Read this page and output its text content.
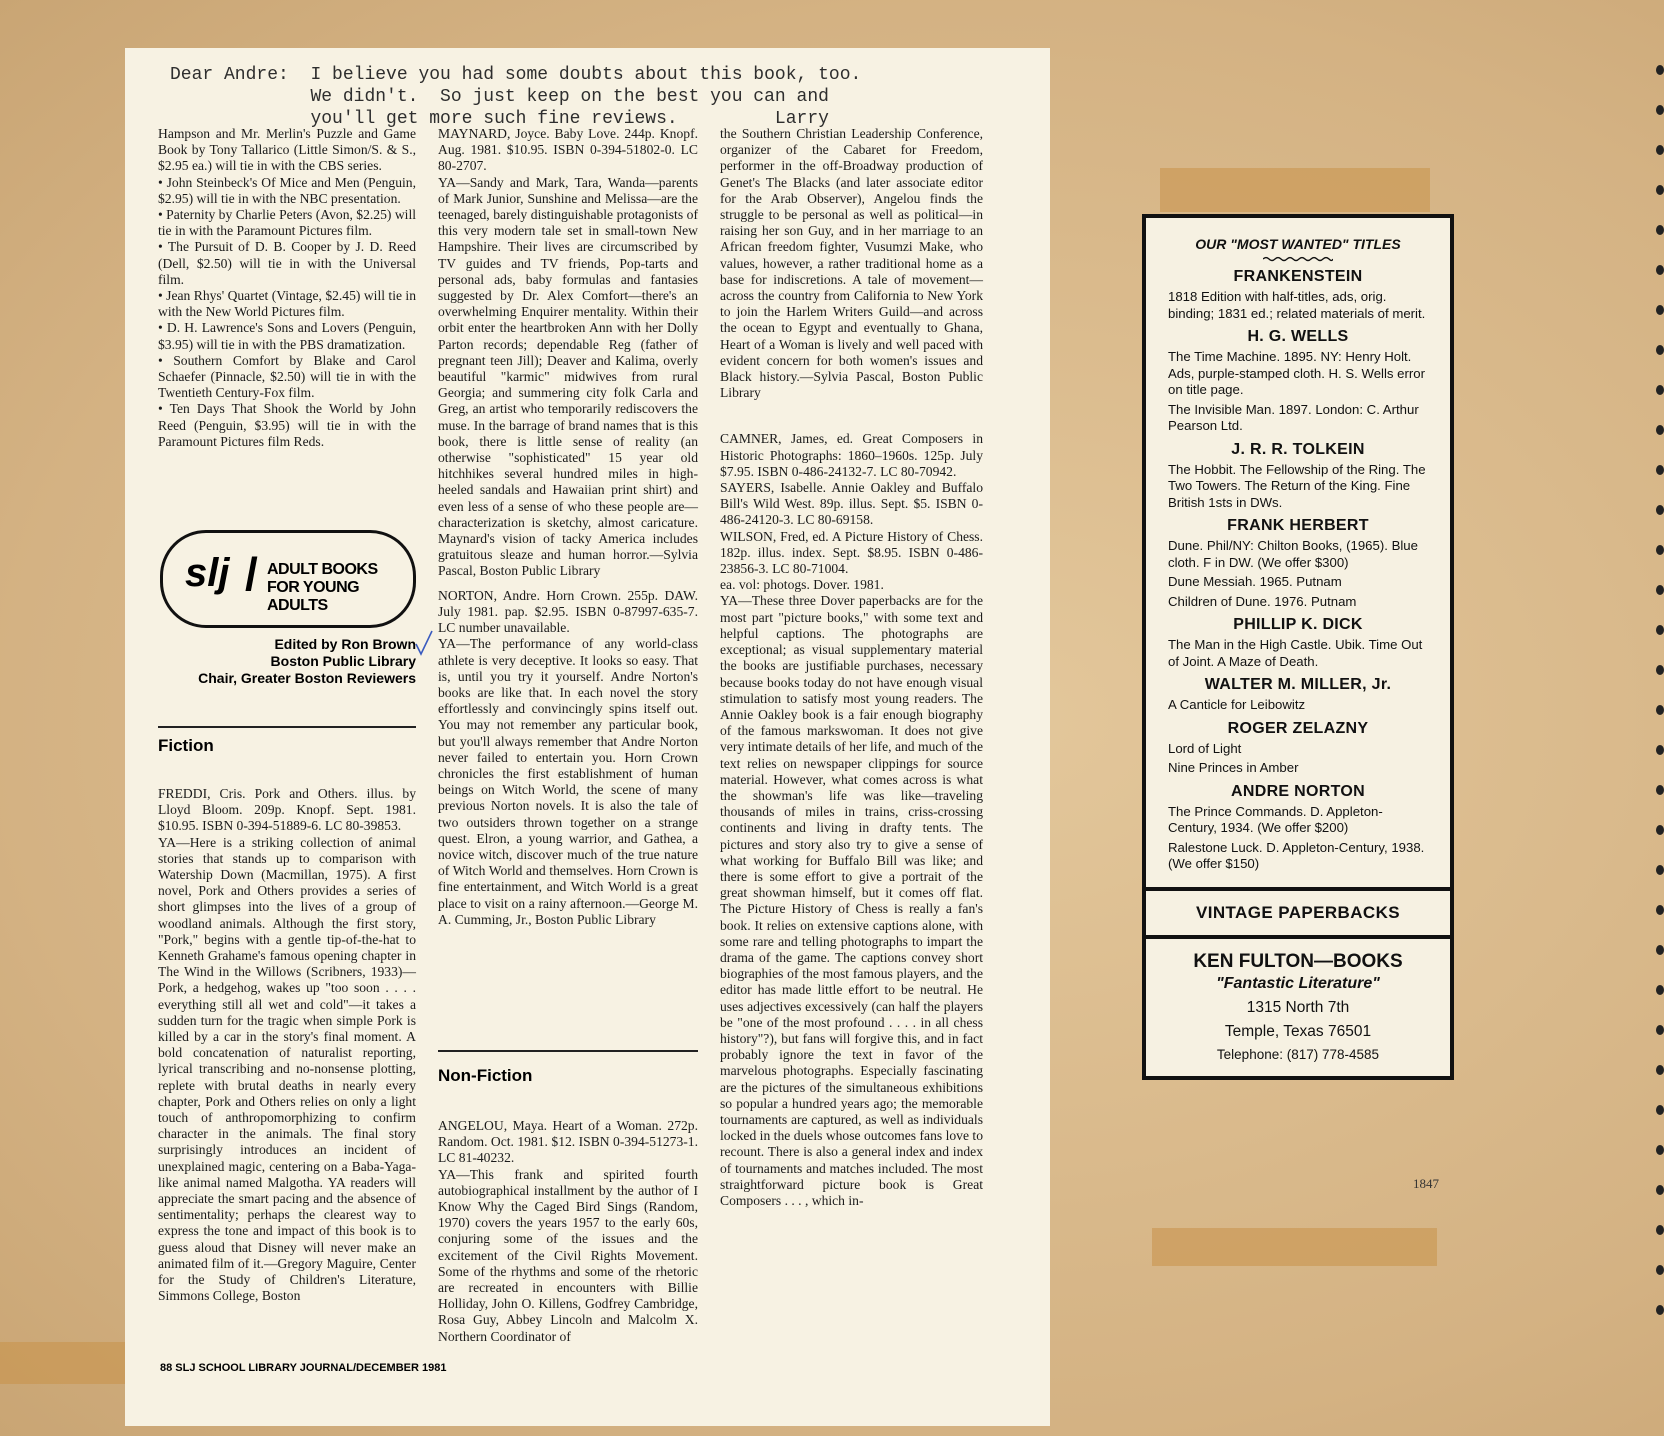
Dear Andre: I believe you had some doubts about this book, too.
We didn't.  So just keep on the best you can and
you'll get more such fine reviews.	Larry

Hampson and Mr. Merlin's Puzzle and Game Book by Tony Tallarico (Little Simon/S. & S., $2.95 ea.) will tie in with the CBS series.

• John Steinbeck's Of Mice and Men (Penguin, $2.95) will tie in with the NBC presentation.

• Paternity by Charlie Peters (Avon, $2.25) will tie in with the Paramount Pictures film.

• The Pursuit of D. B. Cooper by J. D. Reed (Dell, $2.50) will tie in with the Universal film.

• Jean Rhys' Quartet (Vintage, $2.45) will tie in with the New World Pictures film.

• D. H. Lawrence's Sons and Lovers (Penguin, $3.95) will tie in with the PBS dramatization.

• Southern Comfort by Blake and Carol Schaefer (Pinnacle, $2.50) will tie in with the Twentieth Century-Fox film.

• Ten Days That Shook the World by John Reed (Penguin, $3.95) will tie in with the Paramount Pictures film Reds.

slj / ADULT BOOKS
FOR YOUNG ADULTS
Edited by Ron Brown
Boston Public Library
Chair, Greater Boston Reviewers
Fiction

FREDDI, Cris. Pork and Others. illus. by Lloyd Bloom. 209p. Knopf. Sept. 1981. $10.95. ISBN 0-394-51889-6. LC 80-39853.

YA—Here is a striking collection of animal stories that stands up to comparison with Watership Down (Macmillan, 1975). A first novel, Pork and Others provides a series of short glimpses into the lives of a group of woodland animals. Although the first story, "Pork," begins with a gentle tip-of-the-hat to Kenneth Grahame's famous opening chapter in The Wind in the Willows (Scribners, 1933)—Pork, a hedgehog, wakes up "too soon . . . . everything still all wet and cold"—it takes a sudden turn for the tragic when simple Pork is killed by a car in the story's final moment. A bold concatenation of naturalist reporting, lyrical transcribing and no-nonsense plotting, replete with brutal deaths in nearly every chapter, Pork and Others relies on only a light touch of anthropomorphizing to confirm character in the animals. The final story surprisingly introduces an incident of unexplained magic, centering on a Baba-Yaga-like animal named Malgotha. YA readers will appreciate the smart pacing and the absence of sentimentality; perhaps the clearest way to express the tone and impact of this book is to guess aloud that Disney will never make an animated film of it.—Gregory Maguire, Center for the Study of Children's Literature, Simmons College, Boston

MAYNARD, Joyce. Baby Love. 244p. Knopf. Aug. 1981. $10.95. ISBN 0-394-51802-0. LC 80-2707.

YA—Sandy and Mark, Tara, Wanda—parents of Mark Junior, Sunshine and Melissa—are the teenaged, barely distinguishable protagonists of this very modern tale set in small-town New Hampshire. Their lives are circumscribed by TV guides and TV friends, Pop-tarts and personal ads, baby formulas and fantasies suggested by Dr. Alex Comfort—there's an overwhelming Enquirer mentality. Within their orbit enter the heartbroken Ann with her Dolly Parton records; dependable Reg (father of pregnant teen Jill); Deaver and Kalima, overly beautiful "karmic" midwives from rural Georgia; and summering city folk Carla and Greg, an artist who temporarily rediscovers the muse. In the barrage of brand names that is this book, there is little sense of reality (an otherwise "sophisticated" 15 year old hitchhikes several hundred miles in high-heeled sandals and Hawaiian print shirt) and even less of a sense of who these people are—characterization is sketchy, almost caricature. Maynard's vision of tacky America includes gratuitous sleaze and human horror.—Sylvia Pascal, Boston Public Library

NORTON, Andre. Horn Crown. 255p. DAW. July 1981. pap. $2.95. ISBN 0-87997-635-7. LC number unavailable.

YA—The performance of any world-class athlete is very deceptive. It looks so easy. That is, until you try it yourself. Andre Norton's books are like that. In each novel the story effortlessly and convincingly spins itself out. You may not remember any particular book, but you'll always remember that Andre Norton never failed to entertain you. Horn Crown chronicles the first establishment of human beings on Witch World, the scene of many previous Norton novels. It is also the tale of two outsiders thrown together on a strange quest. Elron, a young warrior, and Gathea, a novice witch, discover much of the true nature of Witch World and themselves. Horn Crown is fine entertainment, and Witch World is a great place to visit on a rainy afternoon.—George M. A. Cumming, Jr., Boston Public Library

Non-Fiction

ANGELOU, Maya. Heart of a Woman. 272p. Random. Oct. 1981. $12. ISBN 0-394-51273-1. LC 81-40232.

YA—This frank and spirited fourth autobiographical installment by the author of I Know Why the Caged Bird Sings (Random, 1970) covers the years 1957 to the early 60s, conjuring some of the issues and the excitement of the Civil Rights Movement. Some of the rhythms and some of the rhetoric are recreated in encounters with Billie Holliday, John O. Killens, Godfrey Cambridge, Rosa Guy, Abbey Lincoln and Malcolm X. Northern Coordinator of

the Southern Christian Leadership Conference, organizer of the Cabaret for Freedom, performer in the off-Broadway production of Genet's The Blacks (and later associate editor for the Arab Observer), Angelou finds the struggle to be personal as well as political—in raising her son Guy, and in her marriage to an African freedom fighter, Vusumzi Make, who values, however, a rather traditional home as a base for indiscretions. A tale of movement—across the country from California to New York to join the Harlem Writers Guild—and across the ocean to Egypt and eventually to Ghana, Heart of a Woman is lively and well paced with evident concern for both women's issues and Black history.—Sylvia Pascal, Boston Public Library

CAMNER, James, ed. Great Composers in Historic Photographs: 1860–1960s. 125p. July $7.95. ISBN 0-486-24132-7. LC 80-70942.

SAYERS, Isabelle. Annie Oakley and Buffalo Bill's Wild West. 89p. illus. Sept. $5. ISBN 0-486-24120-3. LC 80-69158.

WILSON, Fred, ed. A Picture History of Chess. 182p. illus. index. Sept. $8.95. ISBN 0-486-23856-3. LC 80-71004.

ea. vol: photogs. Dover. 1981.

YA—These three Dover paperbacks are for the most part "picture books," with some text and helpful captions. The photographs are exceptional; as visual supplementary material the books are justifiable purchases, necessary because books today do not have enough visual stimulation to satisfy most young readers. The Annie Oakley book is a fair enough biography of the famous markswoman. It does not give very intimate details of her life, and much of the text relies on newspaper clippings for source material. However, what comes across is what the showman's life was like—traveling thousands of miles in trains, criss-crossing continents and living in drafty tents. The pictures and story also try to give a sense of what working for Buffalo Bill was like; and there is some effort to give a portrait of the great showman himself, but it comes off flat. The Picture History of Chess is really a fan's book. It relies on extensive captions alone, with some rare and telling photographs to impart the drama of the game. The captions convey short biographies of the most famous players, and the editor has made little effort to be neutral. He uses adjectives excessively (can half the players be "one of the most profound . . . . in all chess history"?), but fans will forgive this, and in fact probably ignore the text in favor of the marvelous photographs. Especially fascinating are the pictures of the simultaneous exhibitions so popular a hundred years ago; the memorable tournaments are captured, as well as individuals locked in the duels whose outcomes fans love to recount. There is also a general index and index of tournaments and matches included. The most straightforward picture book is Great Composers . . . , which in-

88 SLJ SCHOOL LIBRARY JOURNAL/DECEMBER 1981
OUR "MOST WANTED" TITLES
FRANKENSTEIN
1818 Edition with half-titles, ads, orig. binding; 1831 ed.; related materials of merit.
H. G. WELLS
The Time Machine. 1895. NY: Henry Holt. Ads, purple-stamped cloth. H. S. Wells error on title page.
The Invisible Man. 1897. London: C. Arthur Pearson Ltd.
J. R. R. TOLKEIN
The Hobbit. The Fellowship of the Ring. The Two Towers. The Return of the King. Fine British 1sts in DWs.
FRANK HERBERT
Dune. Phil/NY: Chilton Books, (1965). Blue cloth. F in DW. (We offer $300)
Dune Messiah. 1965. Putnam
Children of Dune. 1976. Putnam
PHILLIP K. DICK
The Man in the High Castle. Ubik. Time Out of Joint. A Maze of Death.
WALTER M. MILLER, Jr.
A Canticle for Leibowitz
ROGER ZELAZNY
Lord of Light
Nine Princes in Amber
ANDRE NORTON
The Prince Commands. D. Appleton-Century, 1934. (We offer $200)
Ralestone Luck. D. Appleton-Century, 1938. (We offer $150)
VINTAGE PAPERBACKS
KEN FULTON—BOOKS
"Fantastic Literature"
1315 North 7th
Temple, Texas 76501
Telephone: (817) 778-4585
1847
